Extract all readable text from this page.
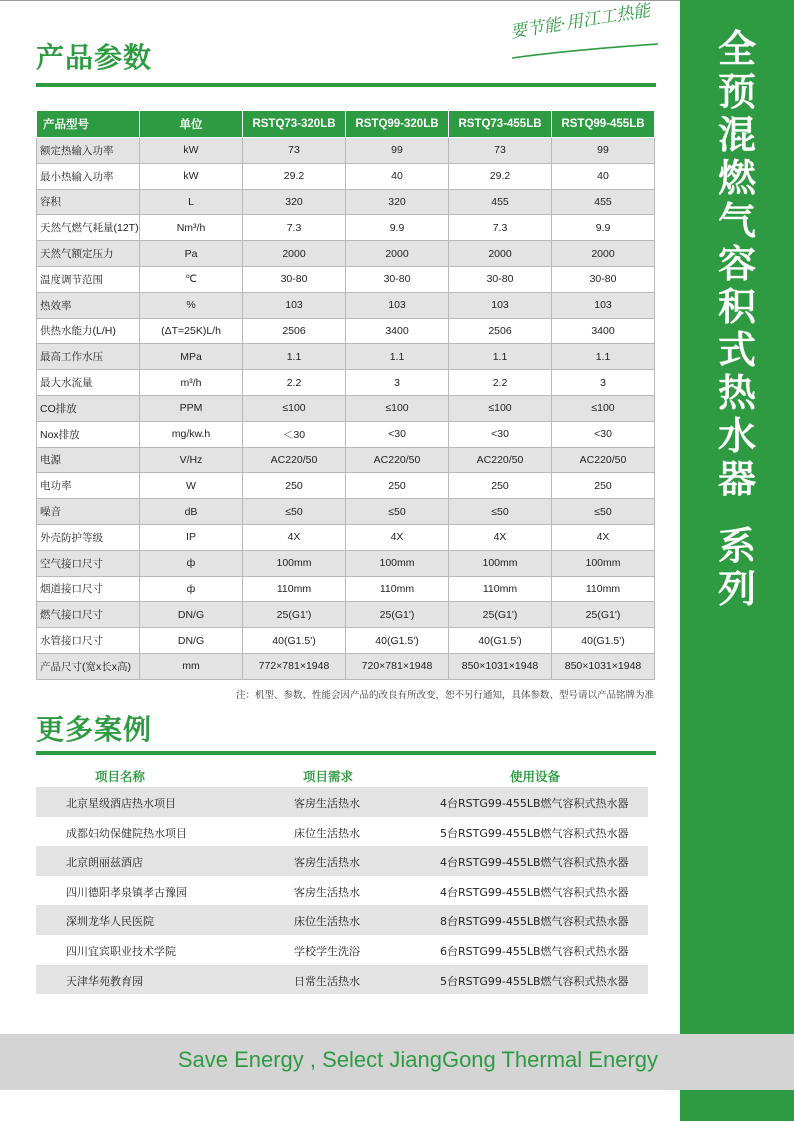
全
预
混
燃
气
容
积
式
热
水
器
系
列
要节能·用江工热能
产品参数
产品型号	单位	RSTQ73-320LB	RSTQ99-320LB	RSTQ73-455LB	RSTQ99-455LB
额定热输入功率	kW	73	99	73	99
最小热输入功率	kW	29.2	40	29.2	40
容积	L	320	320	455	455
天然气燃气耗量(12T)	Nm³/h	7.3	9.9	7.3	9.9
天然气额定压力	Pa	2000	2000	2000	2000
温度调节范围	℃	30-80	30-80	30-80	30-80
热效率	%	103	103	103	103
供热水能力(L/H)	(ΔT=25K)L/h	2506	3400	2506	3400
最高工作水压	MPa	1.1	1.1	1.1	1.1
最大水流量	m³/h	2.2	3	2.2	3
CO排放	PPM	≤100	≤100	≤100	≤100
Nox排放	mg/kw.h	＜30	<30	<30	<30
电源	V/Hz	AC220/50	AC220/50	AC220/50	AC220/50
电功率	W	250	250	250	250
噪音	dB	≤50	≤50	≤50	≤50
外壳防护等级	IP	4X	4X	4X	4X
空气接口尺寸	ф	100mm	100mm	100mm	100mm
烟道接口尺寸	ф	110mm	110mm	110mm	110mm
燃气接口尺寸	DN/G	25(G1')	25(G1')	25(G1')	25(G1')
水管接口尺寸	DN/G	40(G1.5')	40(G1.5')	40(G1.5')	40(G1.5')
产品尺寸(宽x长x高)	mm	772×781×1948	720×781×1948	850×1031×1948	850×1031×1948
注：机型、参数、性能会因产品的改良有所改变，恕不另行通知，具体参数、型号请以产品铭牌为准
更多案例
项目名称	项目需求	使用设备
北京星级酒店热水项目	客房生活热水	4台RSTG99-455LB燃气容积式热水器
成都妇幼保健院热水项目	床位生活热水	5台RSTG99-455LB燃气容积式热水器
北京朗丽兹酒店	客房生活热水	4台RSTG99-455LB燃气容积式热水器
四川德阳孝泉镇孝古豫园	客房生活热水	4台RSTG99-455LB燃气容积式热水器
深圳龙华人民医院	床位生活热水	8台RSTG99-455LB燃气容积式热水器
四川宜宾职业技术学院	学校学生洗浴	6台RSTG99-455LB燃气容积式热水器
天津华苑教育园	日常生活热水	5台RSTG99-455LB燃气容积式热水器
Save Energy , Select JiangGong Thermal Energy
